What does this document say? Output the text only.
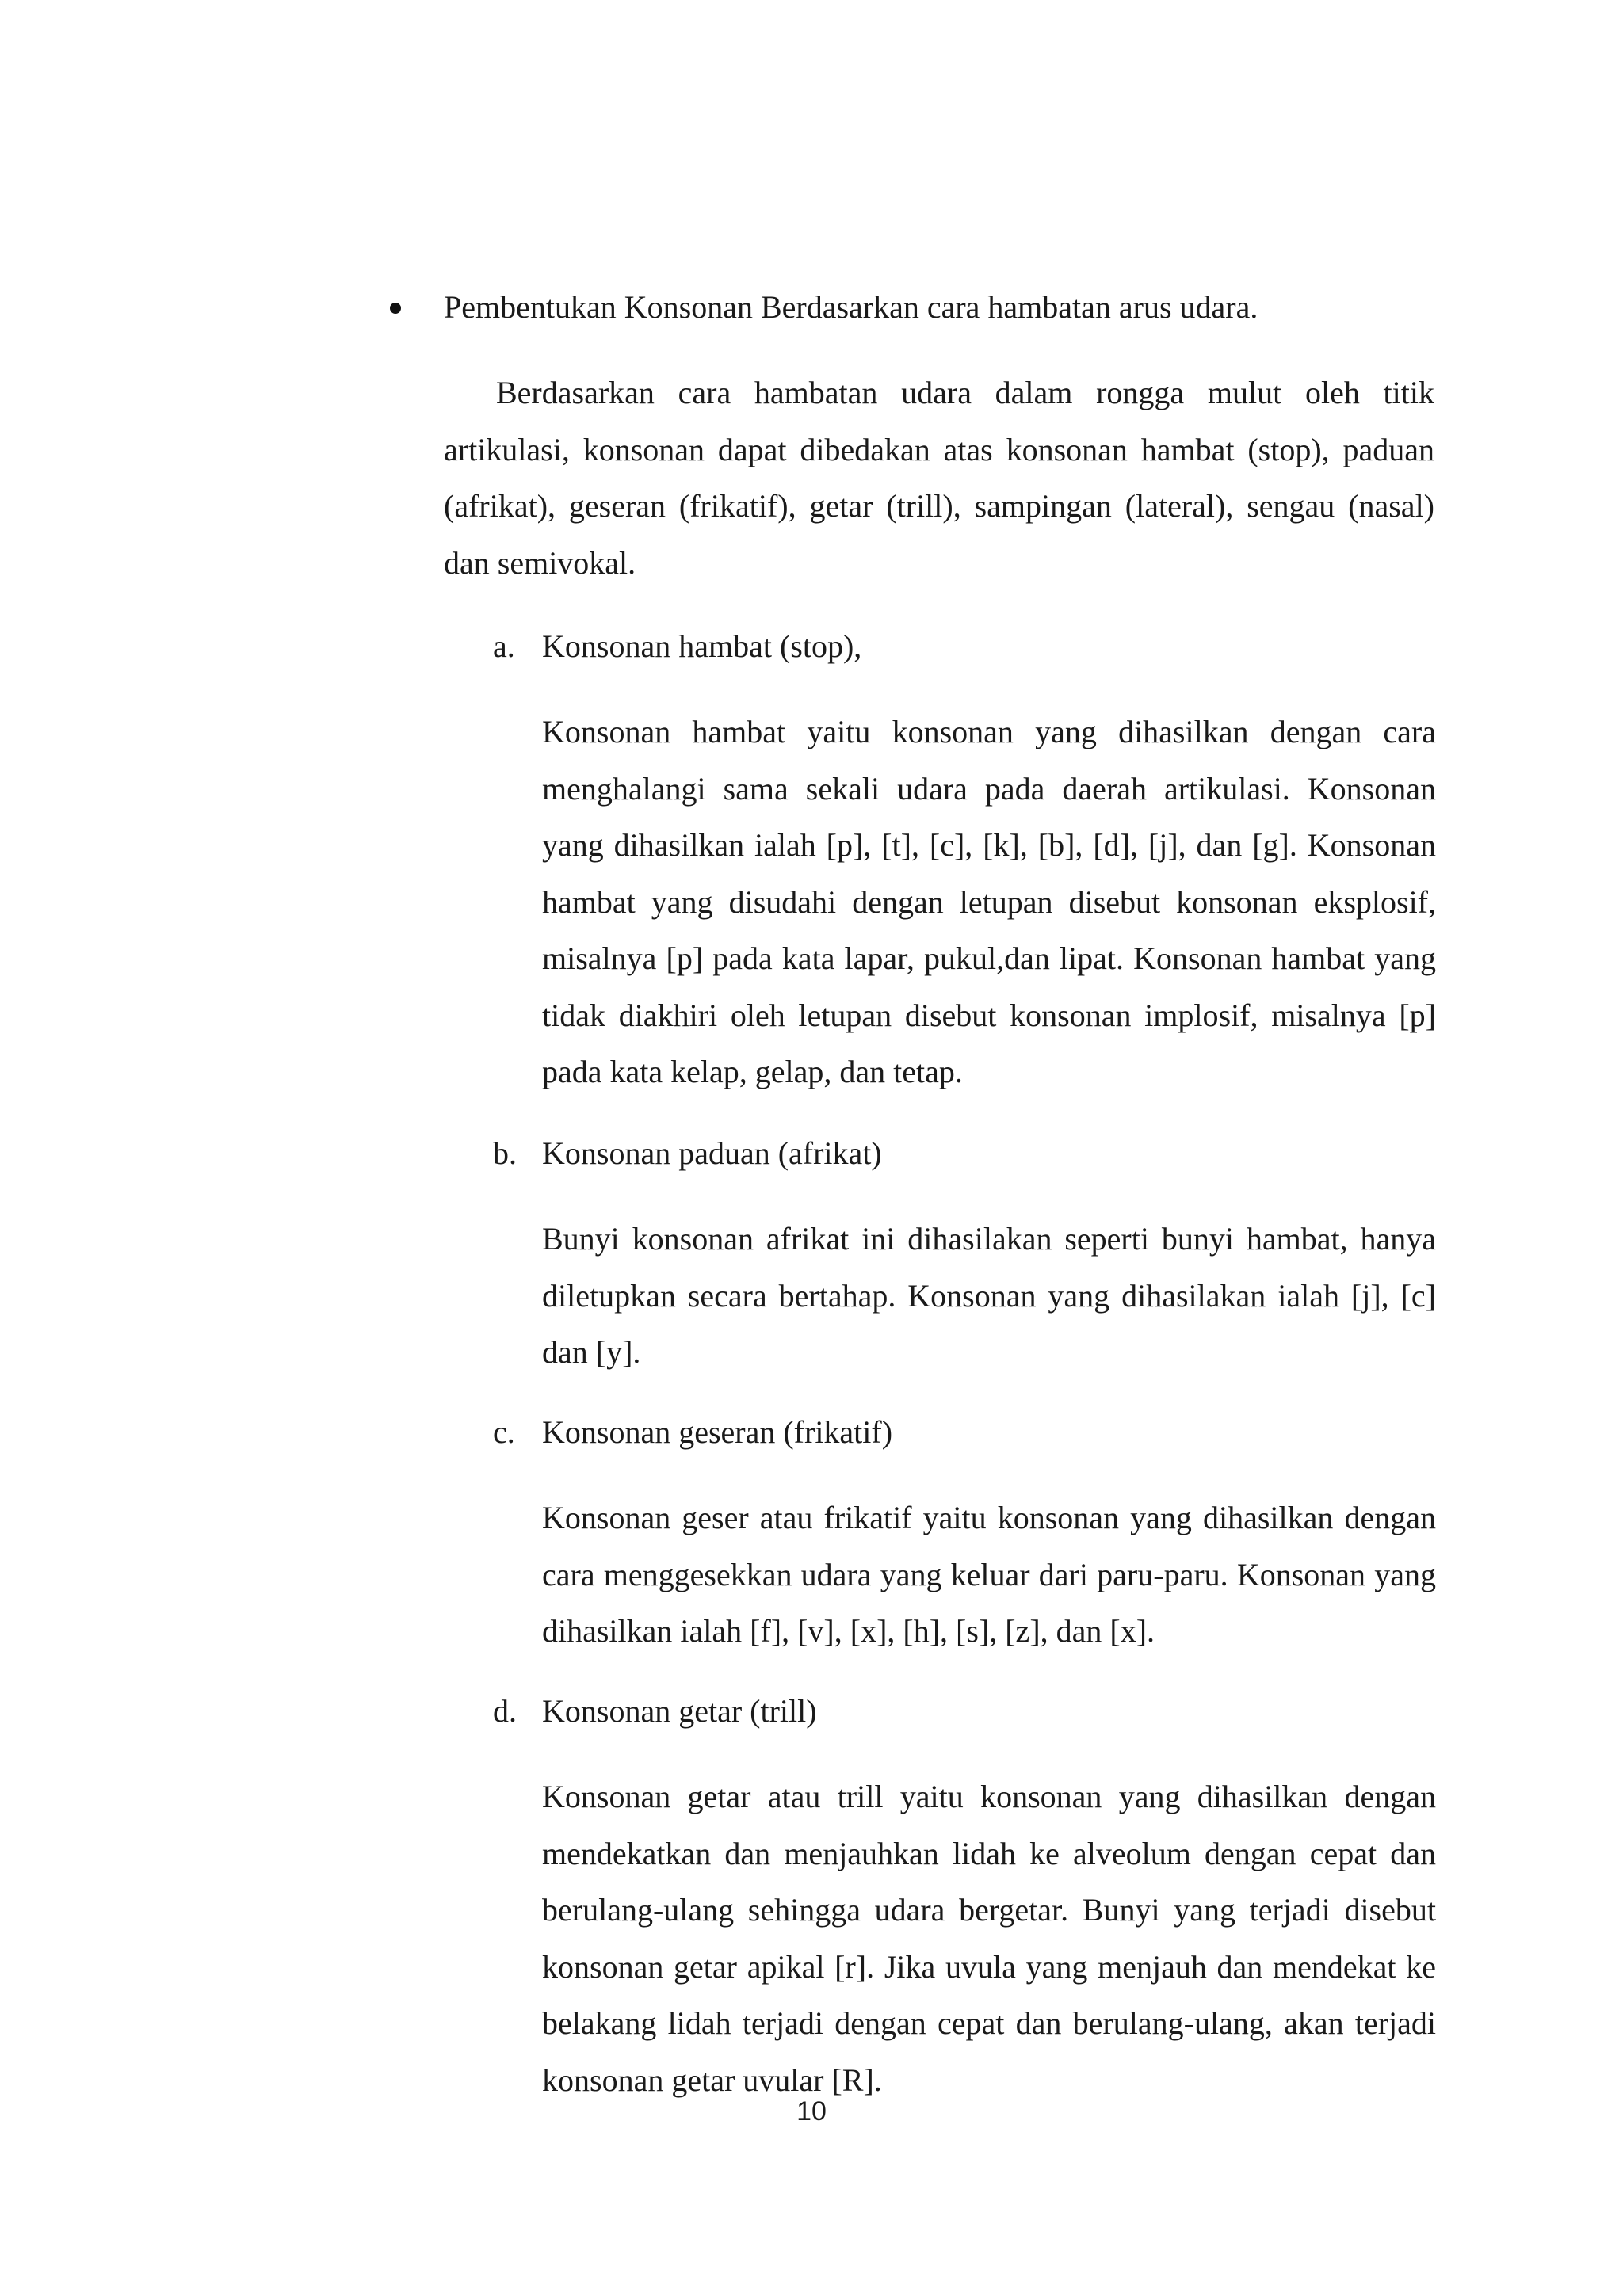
Pembentukan Konsonan Berdasarkan cara hambatan arus udara.

Berdasarkan cara hambatan udara dalam rongga mulut oleh titik artikulasi, konsonan dapat dibedakan atas konsonan hambat (stop), paduan (afrikat), geseran (frikatif), getar (trill), sampingan (lateral), sengau (nasal) dan semivokal.

a. Konsonan hambat (stop),

Konsonan hambat yaitu konsonan yang dihasilkan dengan cara menghalangi sama sekali udara pada daerah artikulasi. Konsonan yang dihasilkan ialah [p], [t], [c], [k], [b], [d], [j], dan [g]. Konsonan hambat yang disudahi dengan letupan disebut konsonan eksplosif, misalnya [p] pada kata lapar, pukul,dan lipat. Konsonan hambat yang tidak diakhiri oleh letupan disebut konsonan implosif, misalnya [p] pada kata kelap, gelap, dan tetap.

b. Konsonan paduan (afrikat)

Bunyi konsonan afrikat ini dihasilakan seperti bunyi hambat, hanya diletupkan secara bertahap. Konsonan yang dihasilakan ialah [j], [c] dan [y].

c. Konsonan geseran (frikatif)

Konsonan geser atau frikatif yaitu konsonan yang dihasilkan dengan cara menggesekkan udara yang keluar dari paru-paru. Konsonan yang dihasilkan ialah [f], [v], [x], [h], [s], [z], dan [x].

d. Konsonan getar (trill)

Konsonan getar atau trill yaitu konsonan yang dihasilkan dengan mendekatkan dan menjauhkan lidah ke alveolum dengan cepat dan berulang-ulang sehingga udara bergetar. Bunyi yang terjadi disebut konsonan getar apikal [r]. Jika uvula yang menjauh dan mendekat ke belakang lidah terjadi dengan cepat dan berulang-ulang, akan terjadi konsonan getar uvular [R].

10
